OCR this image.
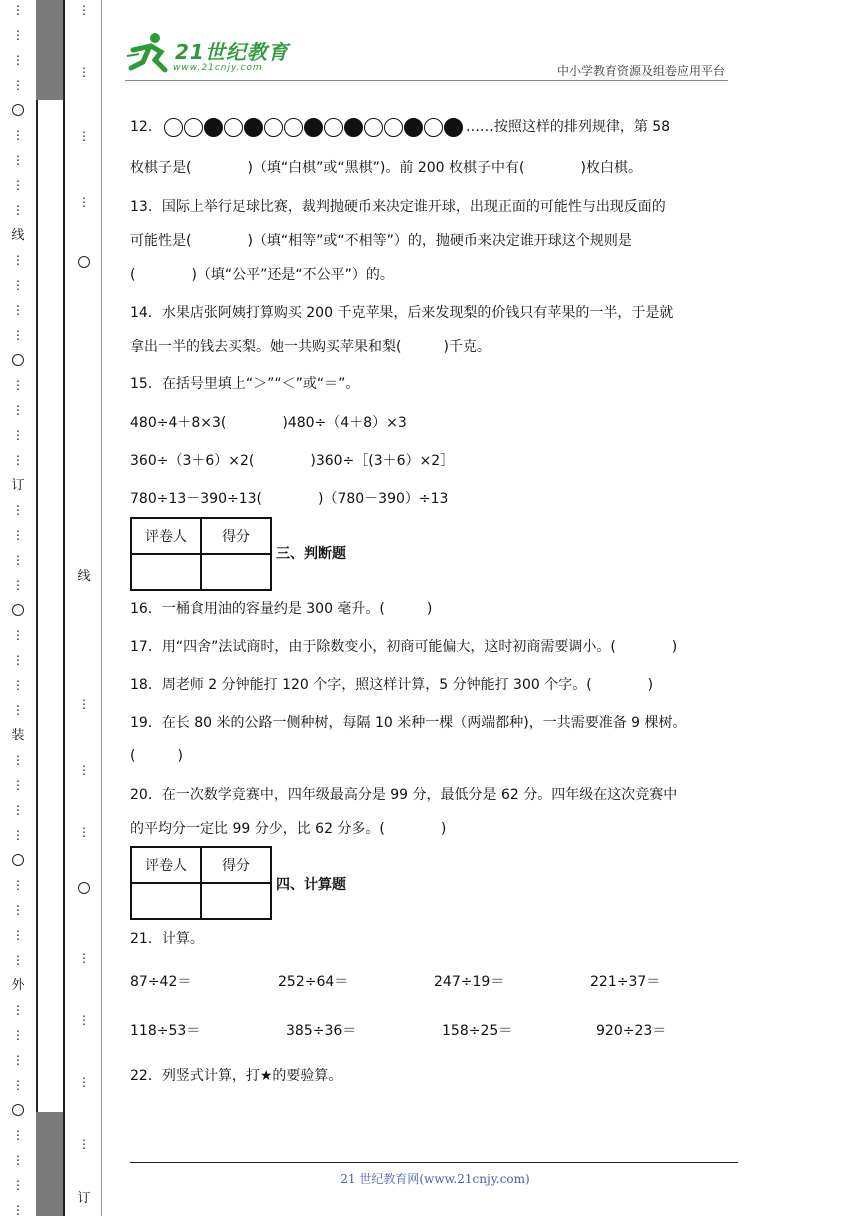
⋮
⋮
⋮
⋮
⋮
⋮
⋮
⋮
线
⋮
⋮
⋮
⋮
⋮
⋮
⋮
⋮
订
⋮
⋮
⋮
⋮
⋮
⋮
⋮
⋮
装
⋮
⋮
⋮
⋮
⋮
⋮
⋮
⋮
外
⋮
⋮
⋮
⋮
⋮
⋮
⋮
⋮
⋮
⋮
⋮
⋮
⋮
⋮
⋮
⋮
⋮
⋮
⋮
线
订
21世纪教育
www.21cnjy.com	中小学教育资源及组卷应用平台
12．	……按照这样的排列规律，第 58
枚棋子是(　　　　)（填“白棋”或“黑棋”)。前 200 枚棋子中有(　　　　)枚白棋。
13．国际上举行足球比赛，裁判抛硬币来决定谁开球，出现正面的可能性与出现反面的
可能性是(　　　　)（填“相等”或“不相等”）的，抛硬币来决定谁开球这个规则是
(　　　　)（填“公平”还是“不公平”）的。
14．水果店张阿姨打算购买 200 千克苹果，后来发现梨的价钱只有苹果的一半，于是就
拿出一半的钱去买梨。她一共购买苹果和梨(　　　)千克。
15．在括号里填上“＞”“＜”或“＝”。
480÷4＋8×3(　　　　)480÷（4＋8）×3
360÷（3＋6）×2(　　　　)360÷［(3＋6）×2］
780÷13－390÷13(　　　　)（780－390）÷13
评卷人	得分

三、判断题
16．一桶食用油的容量约是 300 毫升。(　　　)
17．用“四舍”法试商时，由于除数变小，初商可能偏大，这时初商需要调小。(　　　　)
18．周老师 2 分钟能打 120 个字，照这样计算，5 分钟能打 300 个字。(　　　　)
19．在长 80 米的公路一侧种树，每隔 10 米种一棵（两端都种)，一共需要准备 9 棵树。
(　　　)
20．在一次数学竞赛中，四年级最高分是 99 分，最低分是 62 分。四年级在这次竞赛中
的平均分一定比 99 分少，比 62 分多。(　　　　)
评卷人	得分

四、计算题
21．计算。
87÷42＝	252÷64＝	247÷19＝	221÷37＝
118÷53＝	385÷36＝	158÷25＝	920÷23＝
22．列竖式计算，打★的要验算。
21 世纪教育网(www.21cnjy.com)
